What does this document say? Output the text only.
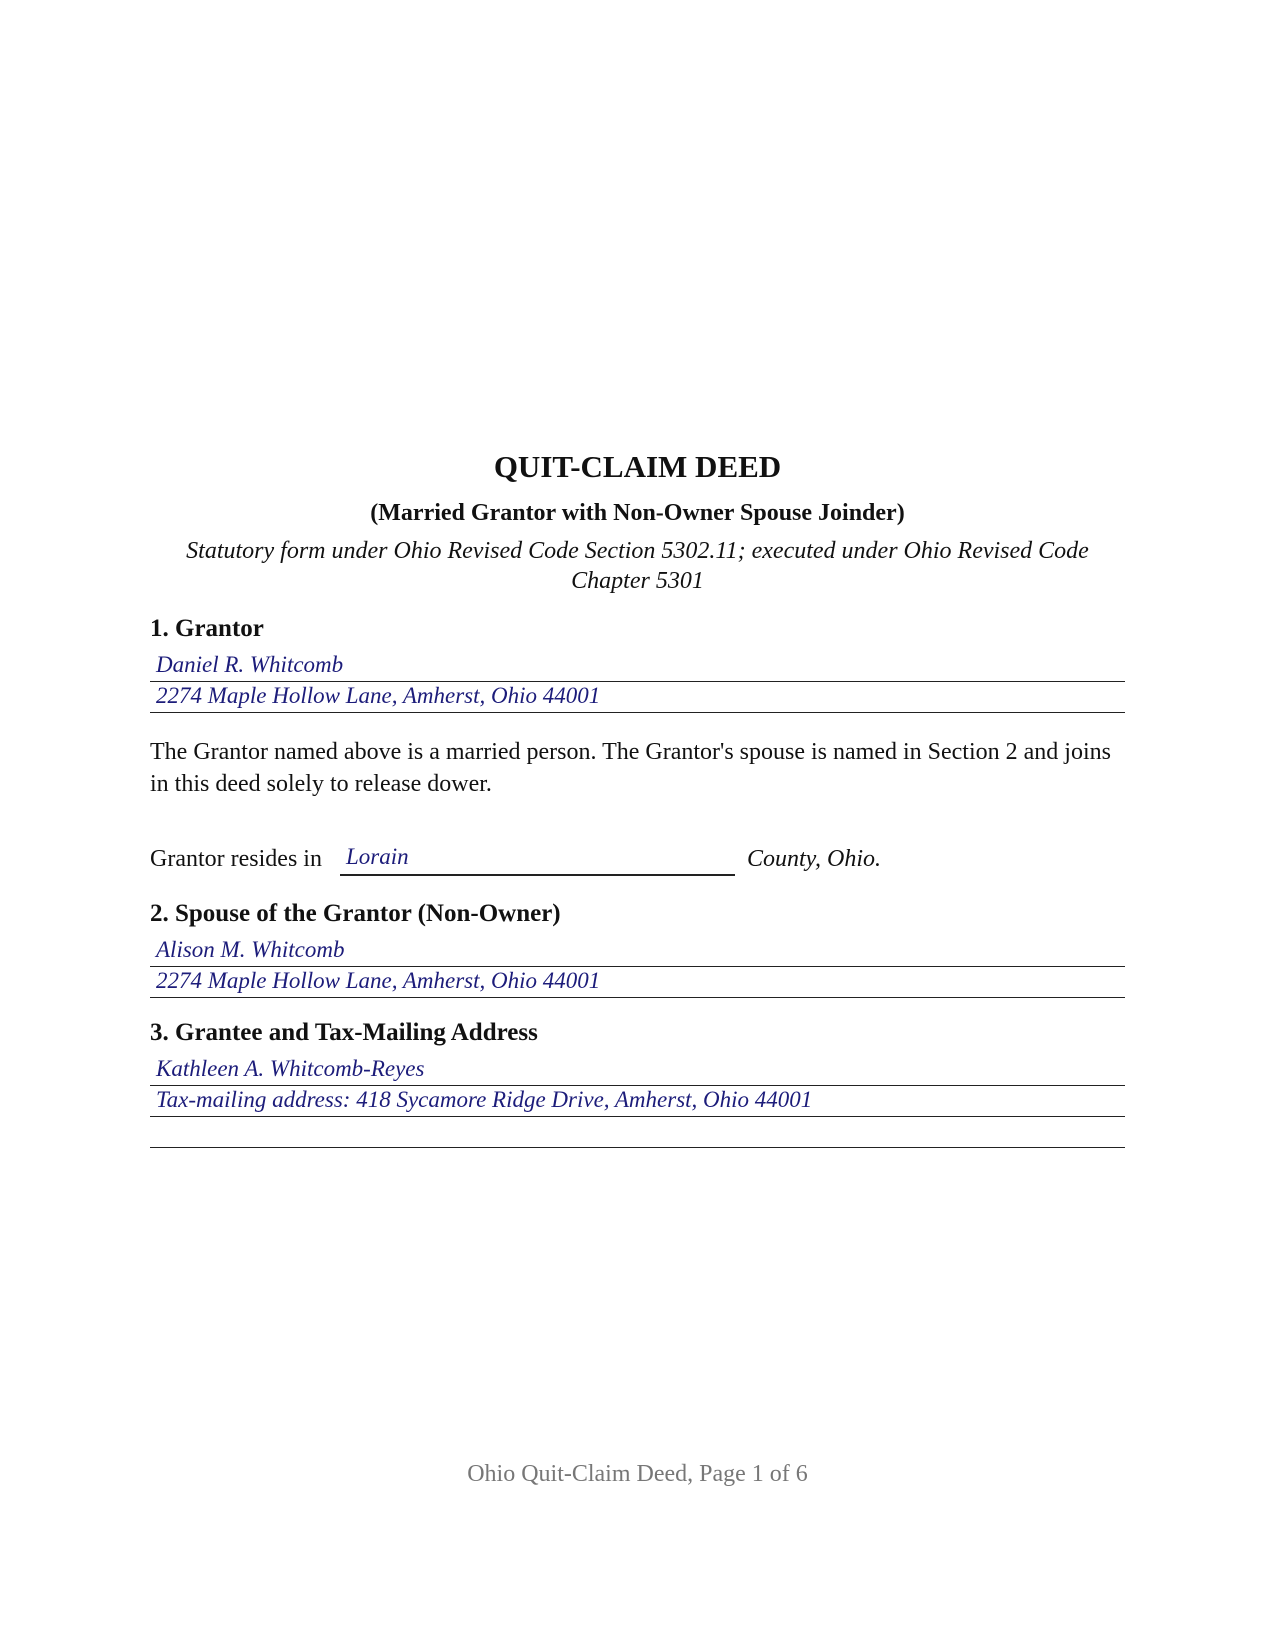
QUIT-CLAIM DEED

(Married Grantor with Non-Owner Spouse Joinder)

Statutory form under Ohio Revised Code Section 5302.11; executed under Ohio Revised Code Chapter 5301

1. Grantor
Daniel R. Whitcomb
2274 Maple Hollow Lane, Amherst, Ohio 44001

The Grantor named above is a married person. The Grantor's spouse is named in Section 2 and joins in this deed solely to release dower.

Grantor resides in Lorain	County, Ohio.
2. Spouse of the Grantor (Non-Owner)
Alison M. Whitcomb
2274 Maple Hollow Lane, Amherst, Ohio 44001
3. Grantee and Tax-Mailing Address
Kathleen A. Whitcomb-Reyes
Tax-mailing address: 418 Sycamore Ridge Drive, Amherst, Ohio 44001

Ohio Quit-Claim Deed, Page 1 of 6
